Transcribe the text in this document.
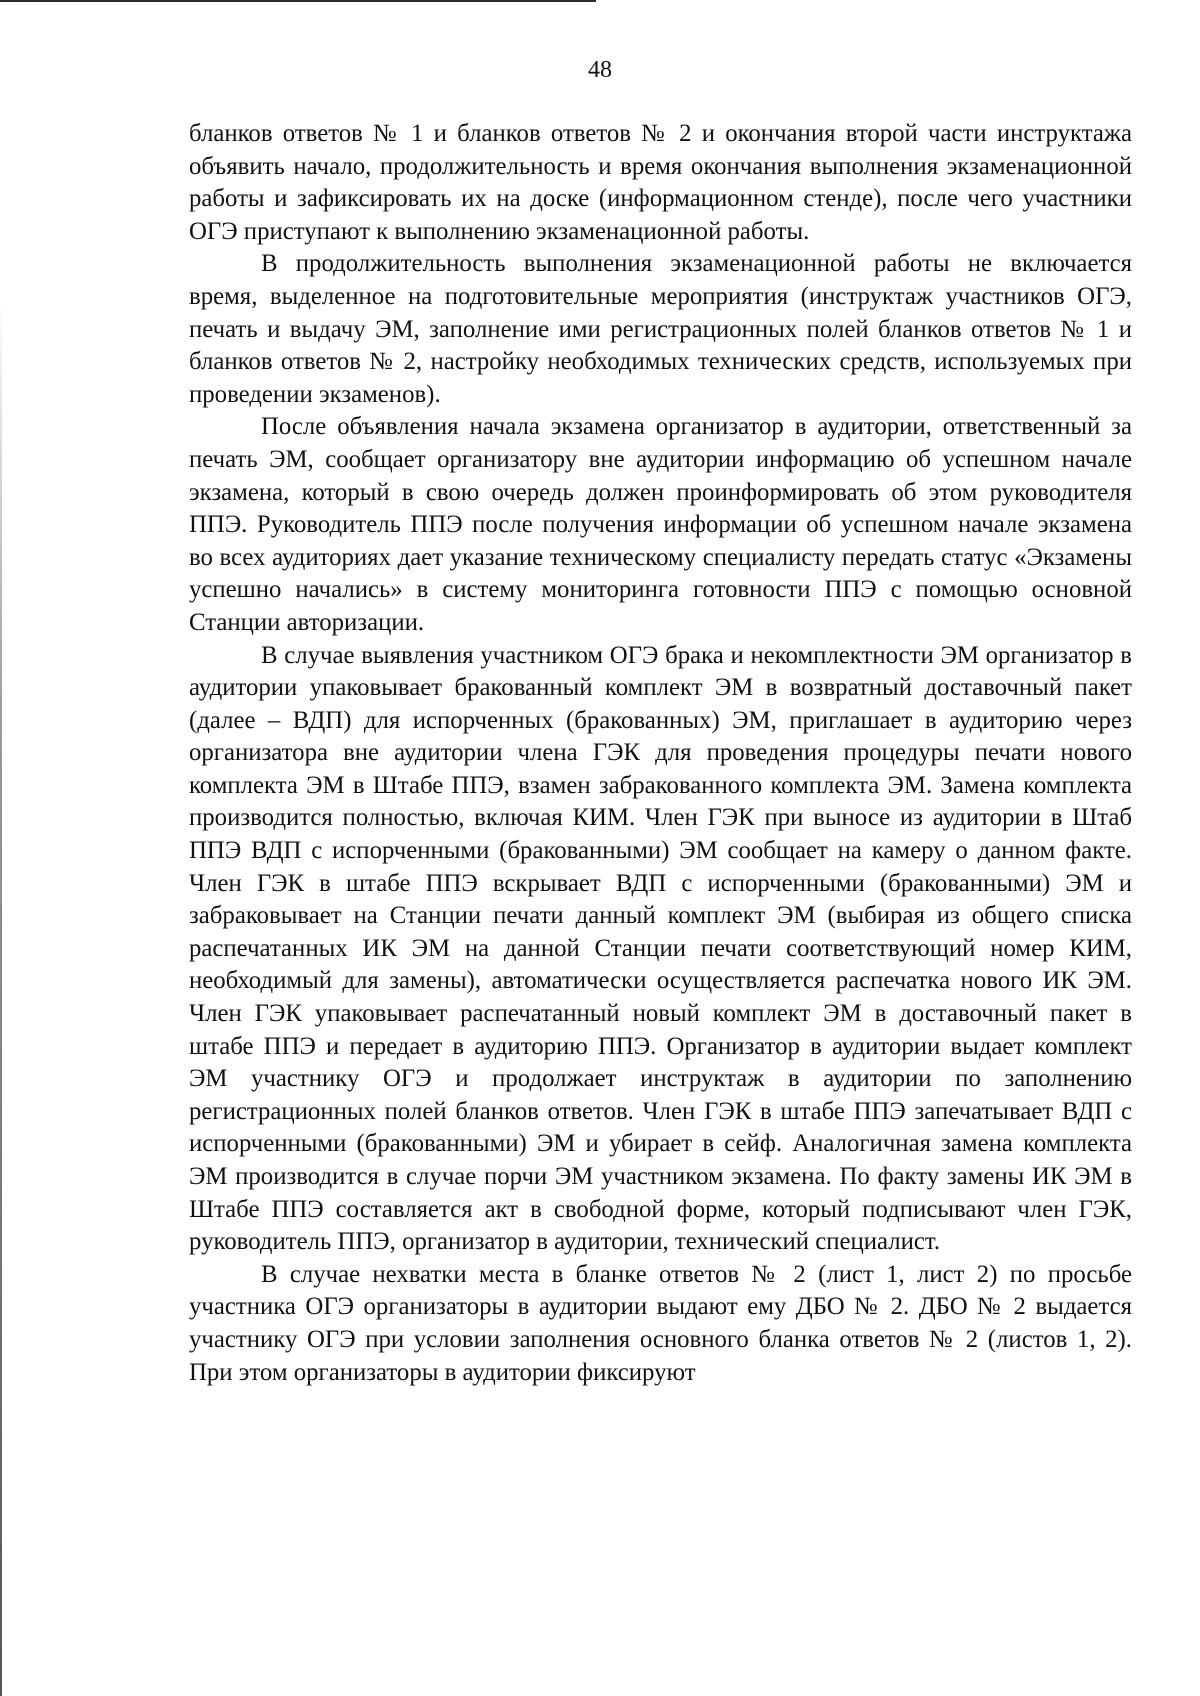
48

бланков ответов № 1 и бланков ответов № 2 и окончания второй части инструктажа объявить начало, продолжительность и время окончания выполнения экзаменационной работы и зафиксировать их на доске (информационном стенде), после чего участники ОГЭ приступают к выполнению экзаменационной работы.

В продолжительность выполнения экзаменационной работы не включается время, выделенное на подготовительные мероприятия (инструктаж участников ОГЭ, печать и выдачу ЭМ, заполнение ими регистрационных полей бланков ответов № 1 и бланков ответов № 2, настройку необходимых технических средств, используемых при проведении экзаменов).

После объявления начала экзамена организатор в аудитории, ответственный за печать ЭМ, сообщает организатору вне аудитории информацию об успешном начале экзамена, который в свою очередь должен проинформировать об этом руководителя ППЭ. Руководитель ППЭ после получения информации об успешном начале экзамена во всех аудиториях дает указание техническому специалисту передать статус «Экзамены успешно начались» в систему мониторинга готовности ППЭ с помощью основной Станции авторизации.

В случае выявления участником ОГЭ брака и некомплектности ЭМ организатор в аудитории упаковывает бракованный комплект ЭМ в возвратный доставочный пакет (далее – ВДП) для испорченных (бракованных) ЭМ, приглашает в аудиторию через организатора вне аудитории члена ГЭК для проведения процедуры печати нового комплекта ЭМ в Штабе ППЭ, взамен забракованного комплекта ЭМ. Замена комплекта производится полностью, включая КИМ. Член ГЭК при выносе из аудитории в Штаб ППЭ ВДП с испорченными (бракованными) ЭМ сообщает на камеру о данном факте. Член ГЭК в штабе ППЭ вскрывает ВДП с испорченными (бракованными) ЭМ и забраковывает на Станции печати данный комплект ЭМ (выбирая из общего списка распечатанных ИК ЭМ на данной Станции печати соответствующий номер КИМ, необходимый для замены), автоматически осуществляется распечатка нового ИК ЭМ. Член ГЭК упаковывает распечатанный новый комплект ЭМ в доставочный пакет в штабе ППЭ и передает в аудиторию ППЭ. Организатор в аудитории выдает комплект ЭМ участнику ОГЭ и продолжает инструктаж в аудитории по заполнению регистрационных полей бланков ответов. Член ГЭК в штабе ППЭ запечатывает ВДП с испорченными (бракованными) ЭМ и убирает в сейф. Аналогичная замена комплекта ЭМ производится в случае порчи ЭМ участником экзамена. По факту замены ИК ЭМ в Штабе ППЭ составляется акт в свободной форме, который подписывают член ГЭК, руководитель ППЭ, организатор в аудитории, технический специалист.

В случае нехватки места в бланке ответов № 2 (лист 1, лист 2) по просьбе участника ОГЭ организаторы в аудитории выдают ему ДБО № 2. ДБО № 2 выдается участнику ОГЭ при условии заполнения основного бланка ответов № 2 (листов 1, 2). При этом организаторы в аудитории фиксируют
